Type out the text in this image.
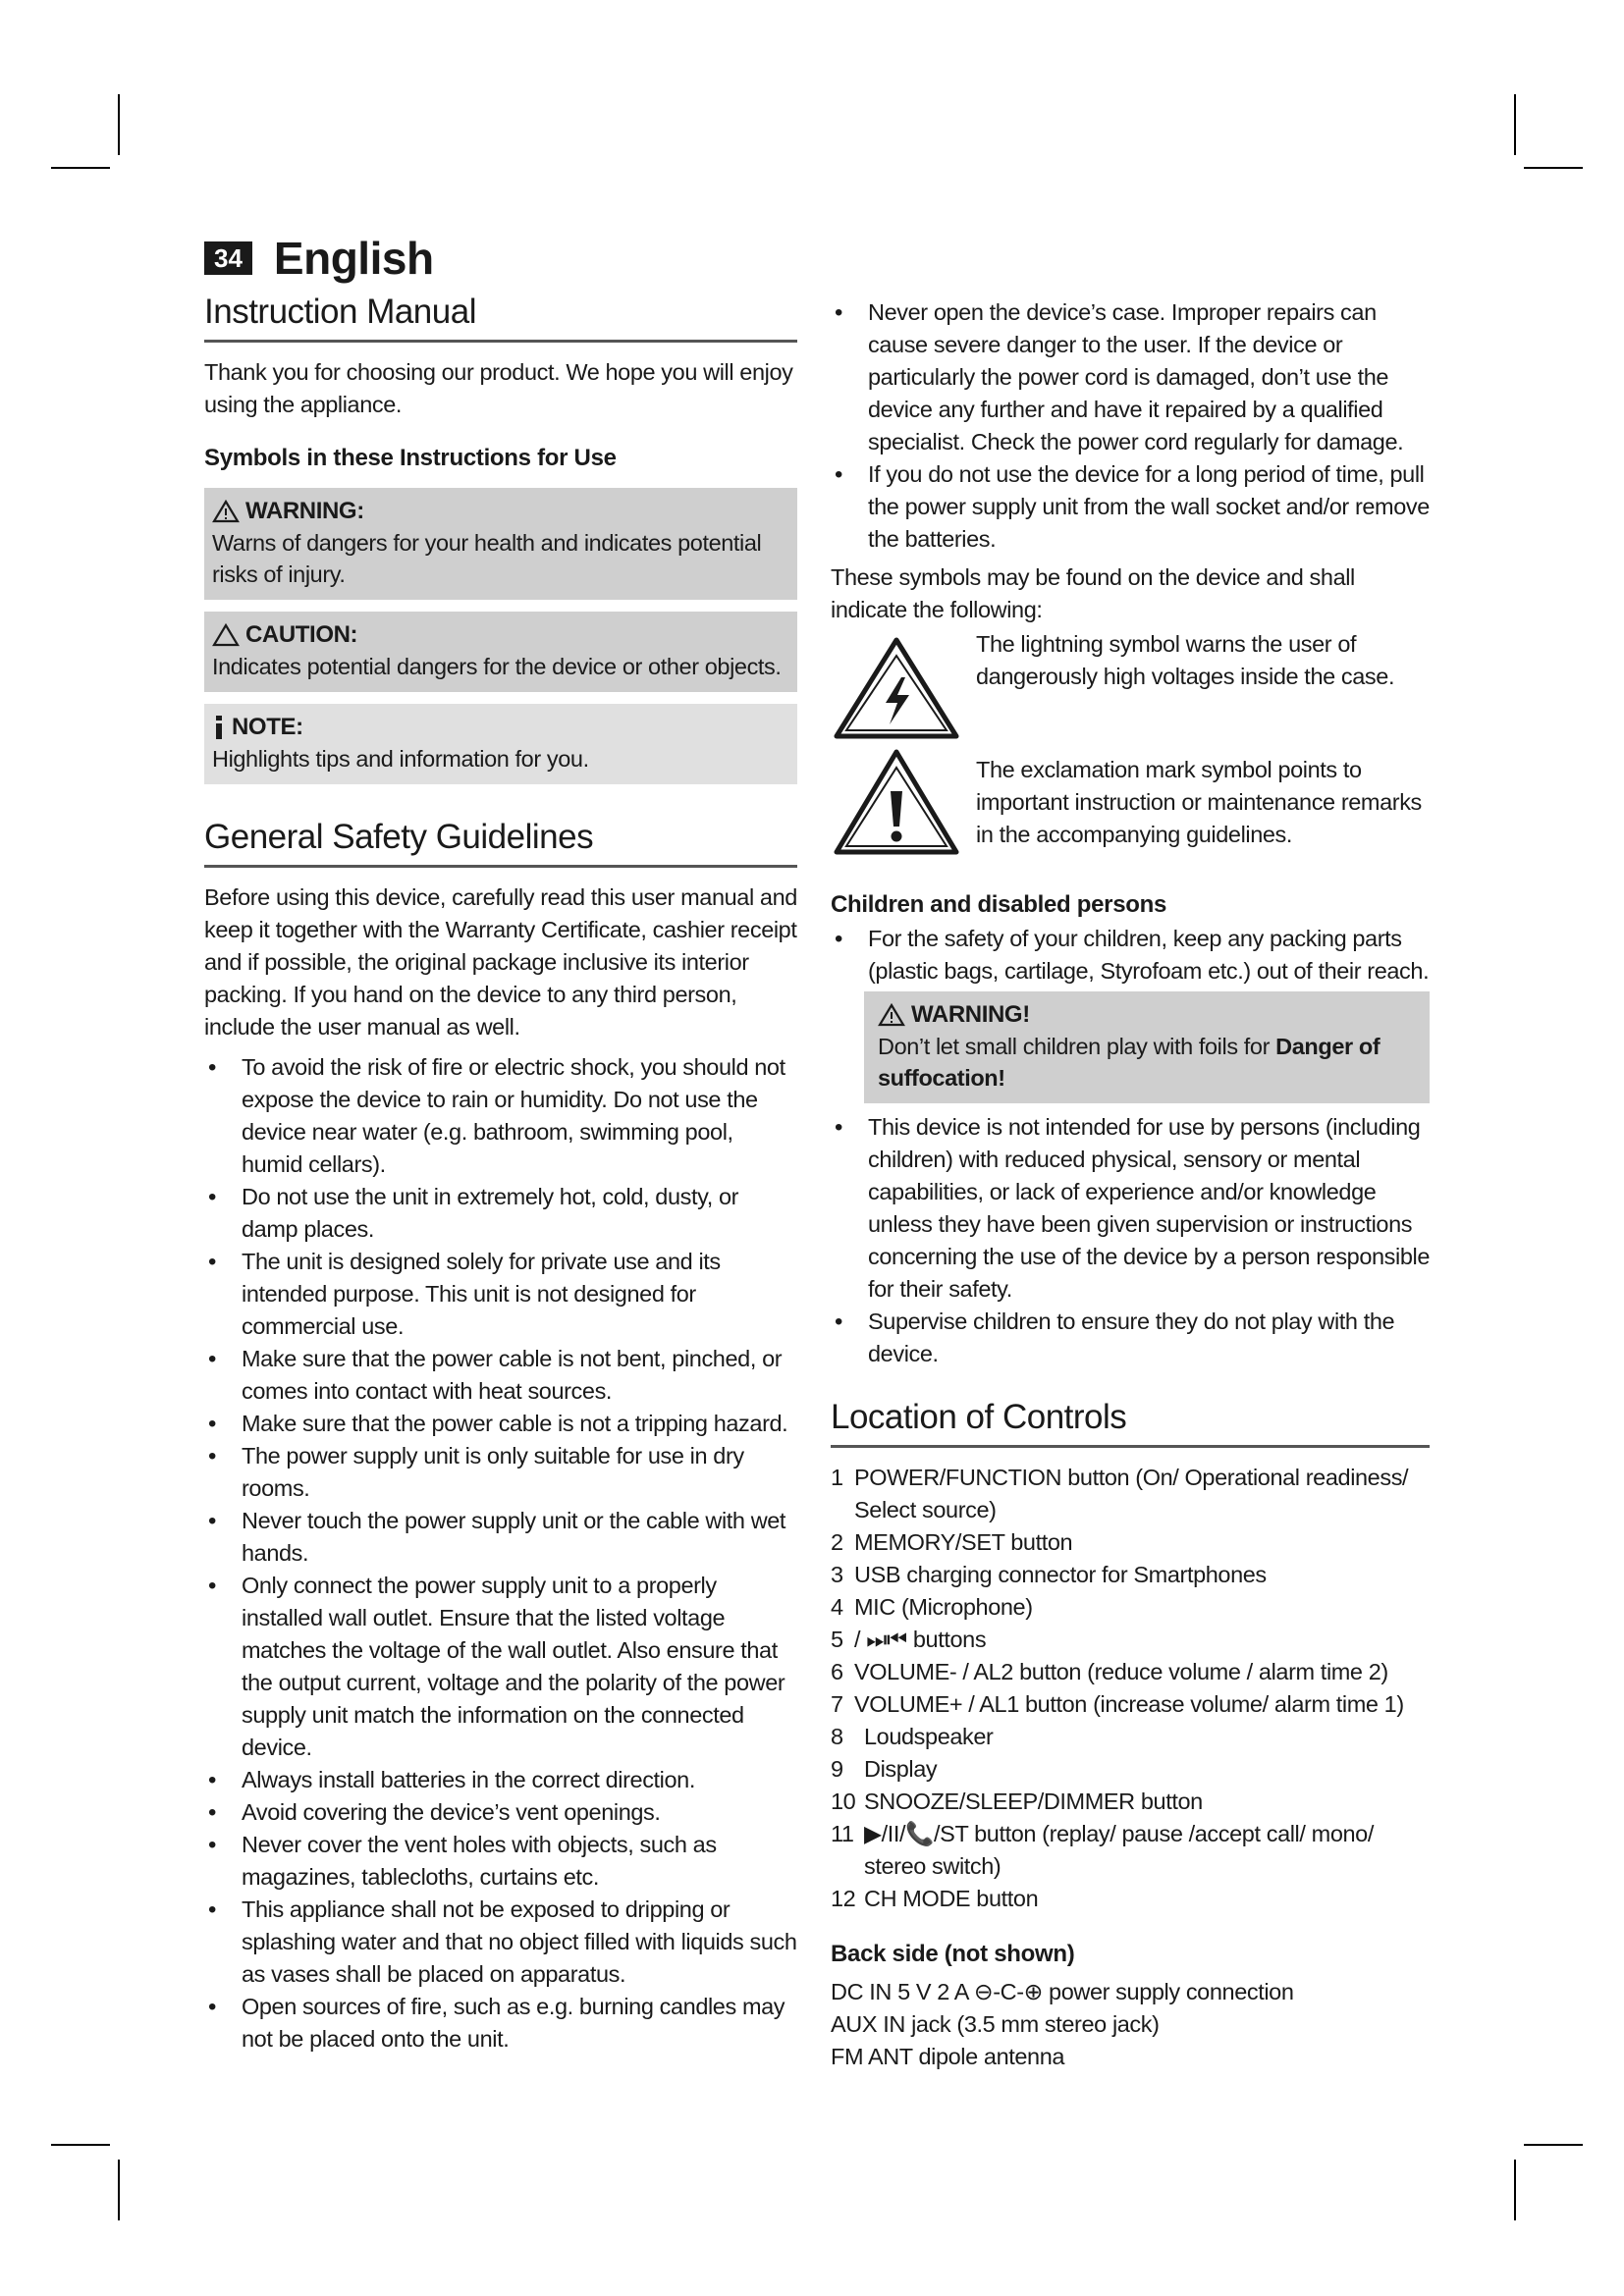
34 English
Instruction Manual

Thank you for choosing our product. We hope you will enjoy using the appliance.

Symbols in these Instructions for Use
WARNING:
Warns of dangers for your health and indicates potential risks of injury.
CAUTION:
Indicates potential dangers for the device or other objects.
NOTE:
Highlights tips and information for you.
General Safety Guidelines

Before using this device, carefully read this user manual and keep it together with the Warranty Certificate, cashier receipt and if possible, the original package inclusive its interior packing. If you hand on the device to any third person, include the user manual as well.

• To avoid the risk of fire or electric shock, you should not expose the device to rain or humidity. Do not use the device near water (e.g. bathroom, swimming pool, humid cellars).
• Do not use the unit in extremely hot, cold, dusty, or damp places.
• The unit is designed solely for private use and its intended purpose. This unit is not designed for commercial use.
• Make sure that the power cable is not bent, pinched, or comes into contact with heat sources.
• Make sure that the power cable is not a tripping hazard.
• The power supply unit is only suitable for use in dry rooms.
• Never touch the power supply unit or the cable with wet hands.
• Only connect the power supply unit to a properly installed wall outlet. Ensure that the listed voltage matches the voltage of the wall outlet. Also ensure that the output current, voltage and the polarity of the power supply unit match the information on the connected device.
• Always install batteries in the correct direction.
• Avoid covering the device’s vent openings.
• Never cover the vent holes with objects, such as magazines, tablecloths, curtains etc.
• This appliance shall not be exposed to dripping or splashing water and that no object filled with liquids such as vases shall be placed on apparatus.
• Open sources of fire, such as e.g. burning candles may not be placed onto the unit.
• Never open the device’s case. Improper repairs can cause severe danger to the user. If the device or particularly the power cord is damaged, don’t use the device any further and have it repaired by a qualified specialist. Check the power cord regularly for damage.
• If you do not use the device for a long period of time, pull the power supply unit from the wall socket and/or remove the batteries.

These symbols may be found on the device and shall indicate the following:

The lightning symbol warns the user of dangerously high voltages inside the case.
The exclamation mark symbol points to important instruction or maintenance remarks in the accompanying guidelines.
Children and disabled persons
• For the safety of your children, keep any packing parts (plastic bags, cartilage, Styrofoam etc.) out of their reach.
WARNING!
Don’t let small children play with foils for Danger of suffocation!
• This device is not intended for use by persons (including children) with reduced physical, sensory or mental capabilities, or lack of experience and/or knowledge unless they have been given supervision or instructions concerning the use of the device by a person responsible for their safety.
• Supervise children to ensure they do not play with the device.
Location of Controls
1 POWER/FUNCTION button (On/ Operational readiness/ Select source)
2 MEMORY/SET button
3 USB charging connector for Smartphones
4 MIC (Microphone)
5 / ⏭⏮ buttons
6 VOLUME- / AL2 button (reduce volume / alarm time 2)
7 VOLUME+ / AL1 button (increase volume/ alarm time 1)
8 Loudspeaker
9 Display
10 SNOOZE/SLEEP/DIMMER button
11 ▶/II/📞/ST button (replay/ pause /accept call/ mono/ stereo switch)
12 CH MODE button
Back side (not shown)
DC IN 5 V 2 A ⊖-C-⊕ power supply connection
AUX IN jack (3.5 mm stereo jack)
FM ANT dipole antenna
